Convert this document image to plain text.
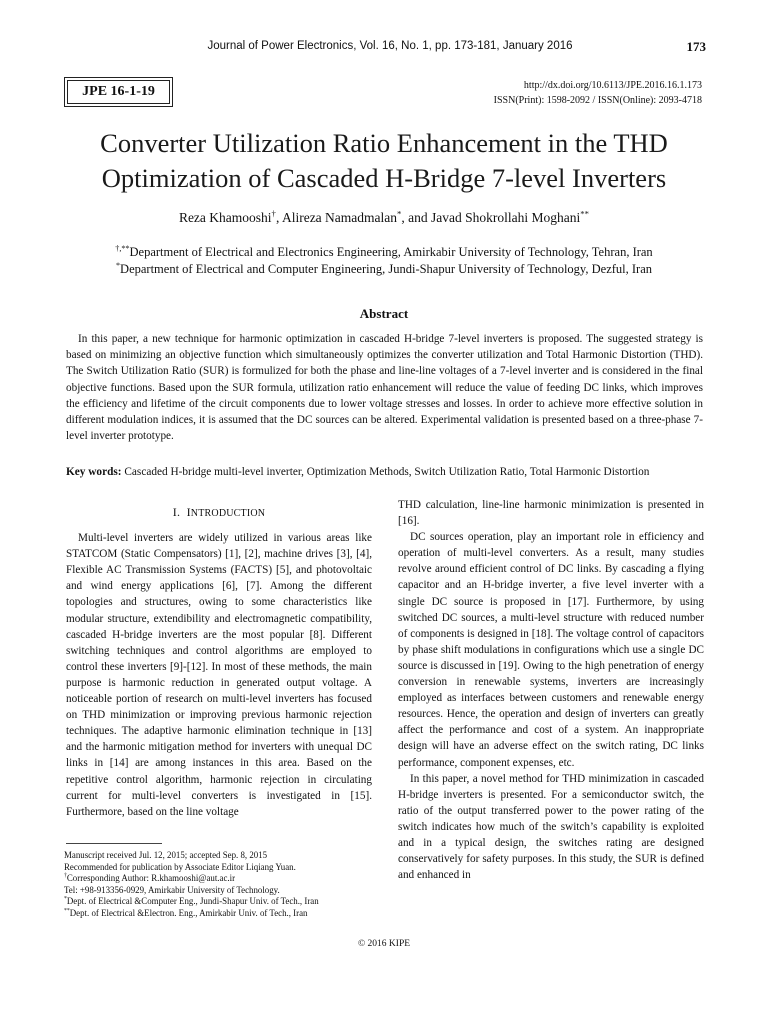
Journal of Power Electronics, Vol. 16, No. 1, pp. 173-181, January 2016	173
JPE 16-1-19	http://dx.doi.org/10.6113/JPE.2016.16.1.173
ISSN(Print): 1598-2092 / ISSN(Online): 2093-4718
Converter Utilization Ratio Enhancement in the THD
Optimization of Cascaded H-Bridge 7-level Inverters
Reza Khamooshi†, Alireza Namadmalan*, and Javad Shokrollahi Moghani**
†,**Department of Electrical and Electronics Engineering, Amirkabir University of Technology, Tehran, Iran
*Department of Electrical and Computer Engineering, Jundi-Shapur University of Technology, Dezful, Iran
Abstract
In this paper, a new technique for harmonic optimization in cascaded H-bridge 7-level inverters is proposed. The suggested strategy is based on minimizing an objective function which simultaneously optimizes the converter utilization and Total Harmonic Distortion (THD). The Switch Utilization Ratio (SUR) is formulized for both the phase and line-line voltages of a 7-level inverter and is considered in the final objective functions. Based upon the SUR formula, utilization ratio enhancement will reduce the value of feeding DC links, which improves the efficiency and lifetime of the circuit components due to lower voltage stresses and losses. In order to achieve more effective solution in different modulation indices, it is assumed that the DC sources can be altered. Experimental validation is presented based on a three-phase 7-level inverter prototype.
Key words: Cascaded H-bridge multi-level inverter, Optimization Methods, Switch Utilization Ratio, Total Harmonic Distortion
I. INTRODUCTION

Multi-level inverters are widely utilized in various areas like STATCOM (Static Compensators) [1], [2], machine drives [3], [4], Flexible AC Transmission Systems (FACTS) [5], and photovoltaic and wind energy applications [6], [7]. Among the different topologies and structures, owing to some characteristics like modular structure, extendibility and electromagnetic compatibility, cascaded H-bridge inverters are the most popular [8]. Different switching techniques and control algorithms are employed to control these inverters [9]-[12]. In most of these methods, the main purpose is harmonic reduction in generated output voltage. A noticeable portion of research on multi-level inverters has focused on THD minimization or improving previous harmonic rejection techniques. The adaptive harmonic elimination technique in [13] and the harmonic mitigation method for inverters with unequal DC links in [14] are among instances in this area. Based on the repetitive control algorithm, harmonic rejection in circulating current for multi-level converters is investigated in [15]. Furthermore, based on the line voltage

THD calculation, line-line harmonic minimization is presented in [16].

DC sources operation, play an important role in efficiency and operation of multi-level converters. As a result, many studies revolve around efficient control of DC links. By cascading a flying capacitor and an H-bridge inverter, a five level inverter with a single DC source is proposed in [17]. Furthermore, by using switched DC sources, a multi-level structure with reduced number of components is designed in [18]. The voltage control of capacitors by phase shift modulations in configurations which use a single DC source is discussed in [19]. Owing to the high penetration of energy conversion in renewable systems, inverters are increasingly employed as interfaces between customers and renewable energy resources. Hence, the operation and design of inverters can greatly affect the performance and cost of a system. An inappropriate design will have an adverse effect on the switch rating, DC links performance, component expenses, etc.

In this paper, a novel method for THD minimization in cascaded H-bridge inverters is presented. For a semiconductor switch, the ratio of the output transferred power to the power rating of the switch indicates how much of the switch’s capability is exploited and in a typical design, the switches rating are designed conservatively for safety purposes. In this study, the SUR is defined and enhanced in

Manuscript received Jul. 12, 2015; accepted Sep. 8, 2015
Recommended for publication by Associate Editor Liqiang Yuan.
†Corresponding Author: R.khamooshi@aut.ac.ir
Tel: +98-913356-0929, Amirkabir University of Technology.
*Dept. of Electrical &Computer Eng., Jundi-Shapur Univ. of Tech., Iran
**Dept. of Electrical &Electron. Eng., Amirkabir Univ. of Tech., Iran
© 2016 KIPE
